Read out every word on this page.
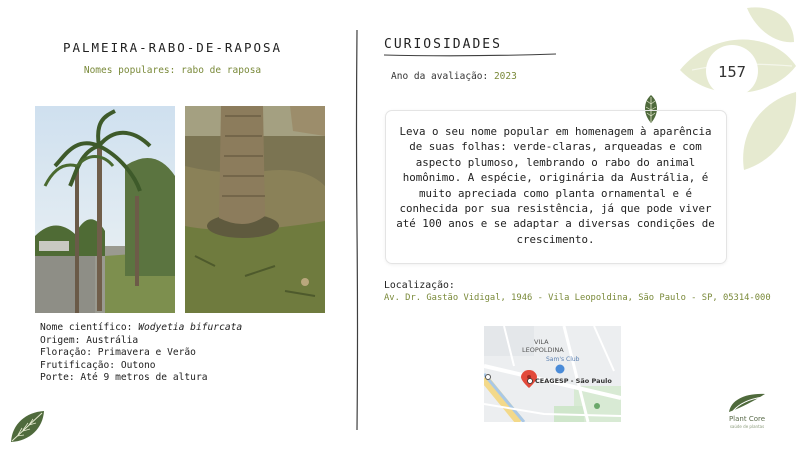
157
PALMEIRA-RABO-DE-RAPOSA
Nomes populares: rabo de raposa
Nome científico: Wodyetia bifurcata
Origem: Austrália
Floração: Primavera e Verão
Frutificação: Outono
Porte: Até 9 metros de altura
CURIOSIDADES
Ano da avaliação: 2023
Leva o seu nome popular em homenagem à aparência de suas folhas: verde-claras, arqueadas e com aspecto plumoso, lembrando o rabo do animal homônimo. A espécie, originária da Austrália, é muito apreciada como planta ornamental e é conhecida por sua resistência, já que pode viver até 100 anos e se adaptar a diversas condições de crescimento.
Localização:
Av. Dr. Gastão Vidigal, 1946 - Vila Leopoldina, São Paulo - SP, 05314-000
VILA
LEOPOLDINA
Sam's Club
CEAGESP - São Paulo
Plant Core
saúde de plantas
